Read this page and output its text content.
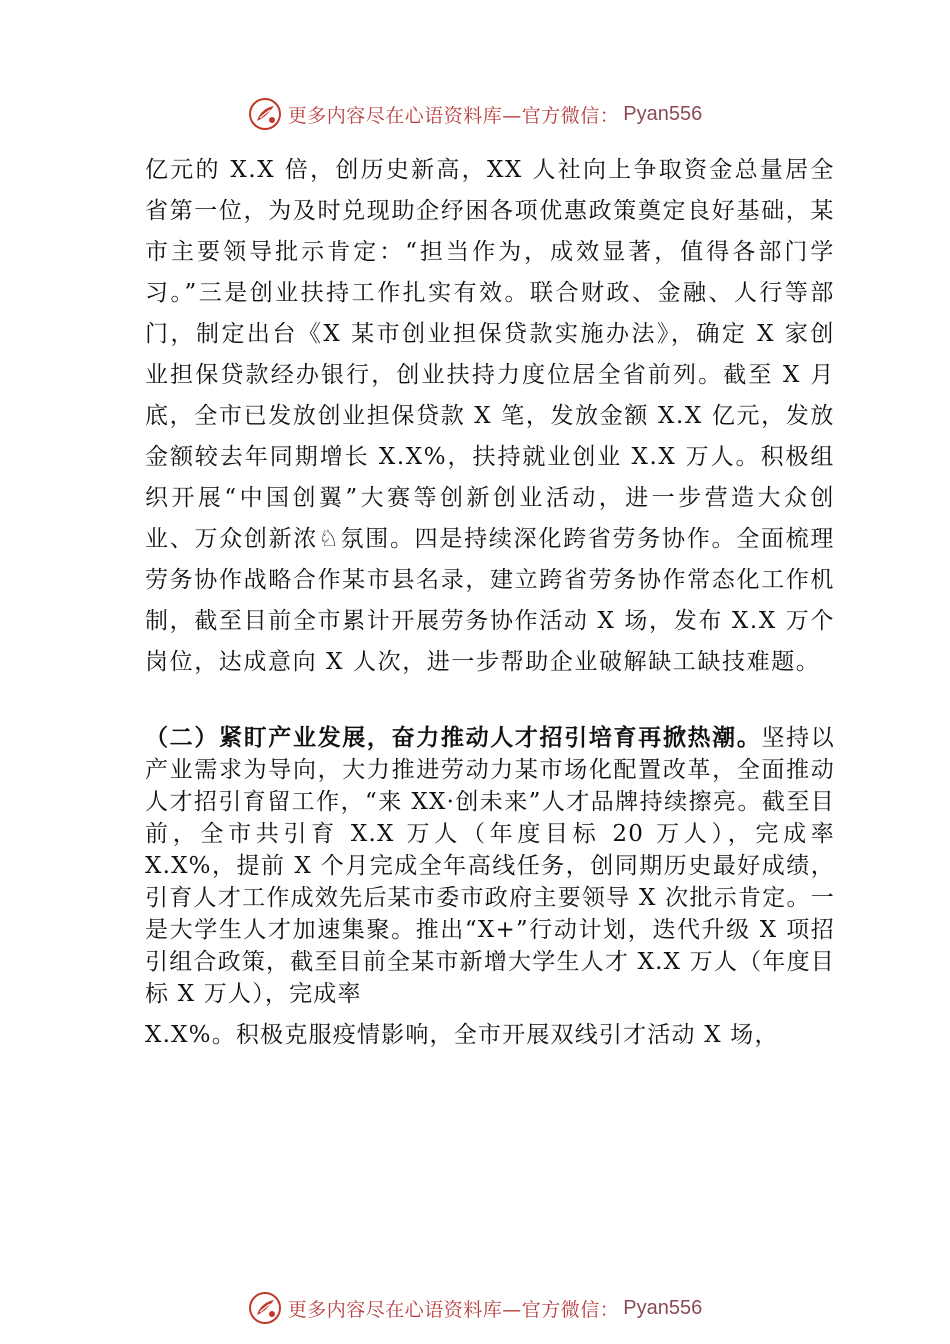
更多内容尽在心语资料库—官方微信： Pyan556

亿元的 X.X 倍，创历史新高，XX 人社向上争取资金总量居全省第一位，为及时兑现助企纾困各项优惠政策奠定良好基础，某市主要领导批示肯定：“担当作为，成效显著，值得各部门学习。”三是创业扶持工作扎实有效。联合财政、金融、人行等部门，制定出台《X 某市创业担保贷款实施办法》，确定 X 家创业担保贷款经办银行，创业扶持力度位居全省前列。截至 X 月底，全市已发放创业担保贷款 X 笔，发放金额 X.X 亿元，发放金额较去年同期增长 X.X%，扶持就业创业 X.X 万人。积极组织开展“中国创翼”大赛等创新创业活动，进一步营造大众创业、万众创新浓♘氛围。四是持续深化跨省劳务协作。全面梳理劳务协作战略合作某市县名录，建立跨省劳务协作常态化工作机制，截至目前全市累计开展劳务协作活动 X 场，发布 X.X 万个岗位，达成意向 X 人次，进一步帮助企业破解缺工缺技难题。

（二）紧盯产业发展，奋力推动人才招引培育再掀热潮。坚持以产业需求为导向，大力推进劳动力某市场化配置改革，全面推动人才招引育留工作，“来 XX·创未来”人才品牌持续擦亮。截至目前，全市共引育 X.X 万人（年度目标 20 万人），完成率 X.X%，提前 X 个月完成全年高线任务，创同期历史最好成绩，引育人才工作成效先后某市委市政府主要领导 X 次批示肯定。一是大学生人才加速集聚。推出“X+”行动计划，迭代升级 X 项招引组合政策，截至目前全某市新增大学生人才 X.X 万人（年度目标 X 万人），完成率

X.X%。积极克服疫情影响，全市开展双线引才活动 X 场，

更多内容尽在心语资料库—官方微信： Pyan556
